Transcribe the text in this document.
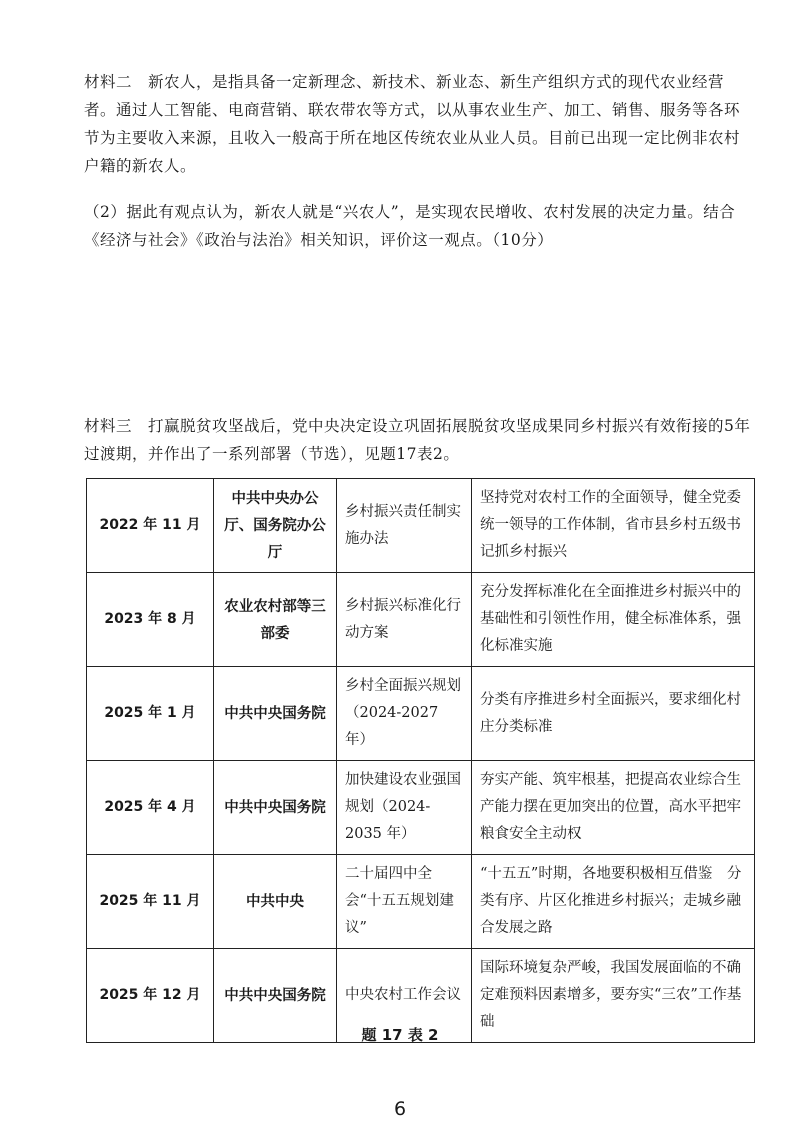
材料二　新农人，是指具备一定新理念、新技术、新业态、新生产组织方式的现代农业经营者。通过人工智能、电商营销、联农带农等方式，以从事农业生产、加工、销售、服务等各环节为主要收入来源，且收入一般高于所在地区传统农业从业人员。目前已出现一定比例非农村户籍的新农人。

（2）据此有观点认为，新农人就是“兴农人”，是实现农民增收、农村发展的决定力量。结合《经济与社会》《政治与法治》相关知识，评价这一观点。（10分）

材料三　打赢脱贫攻坚战后，党中央决定设立巩固拓展脱贫攻坚成果同乡村振兴有效衔接的5年过渡期，并作出了一系列部署（节选），见题17表2。

2022 年 11 月	中共中央办公厅、国务院办公厅	乡村振兴责任制实施办法	坚持党对农村工作的全面领导，健全党委统一领导的工作体制，省市县乡村五级书记抓乡村振兴
2023 年 8 月	农业农村部等三部委	乡村振兴标准化行动方案	充分发挥标准化在全面推进乡村振兴中的基础性和引领性作用，健全标准体系，强化标准实施
2025 年 1 月	中共中央国务院	乡村全面振兴规划（2024-2027 年）	分类有序推进乡村全面振兴，要求细化村庄分类标准
2025 年 4 月	中共中央国务院	加快建设农业强国规划（2024-2035 年）	夯实产能、筑牢根基，把提高农业综合生产能力摆在更加突出的位置，高水平把牢粮食安全主动权
2025 年 11 月	中共中央	二十届四中全会“十五五规划建议”	“十五五”时期，各地要积极相互借鉴　分类有序、片区化推进乡村振兴；走城乡融合发展之路
2025 年 12 月	中共中央国务院	中央农村工作会议	国际环境复杂严峻，我国发展面临的不确定难预料因素增多，要夯实“三农”工作基础
题 17 表 2
6
